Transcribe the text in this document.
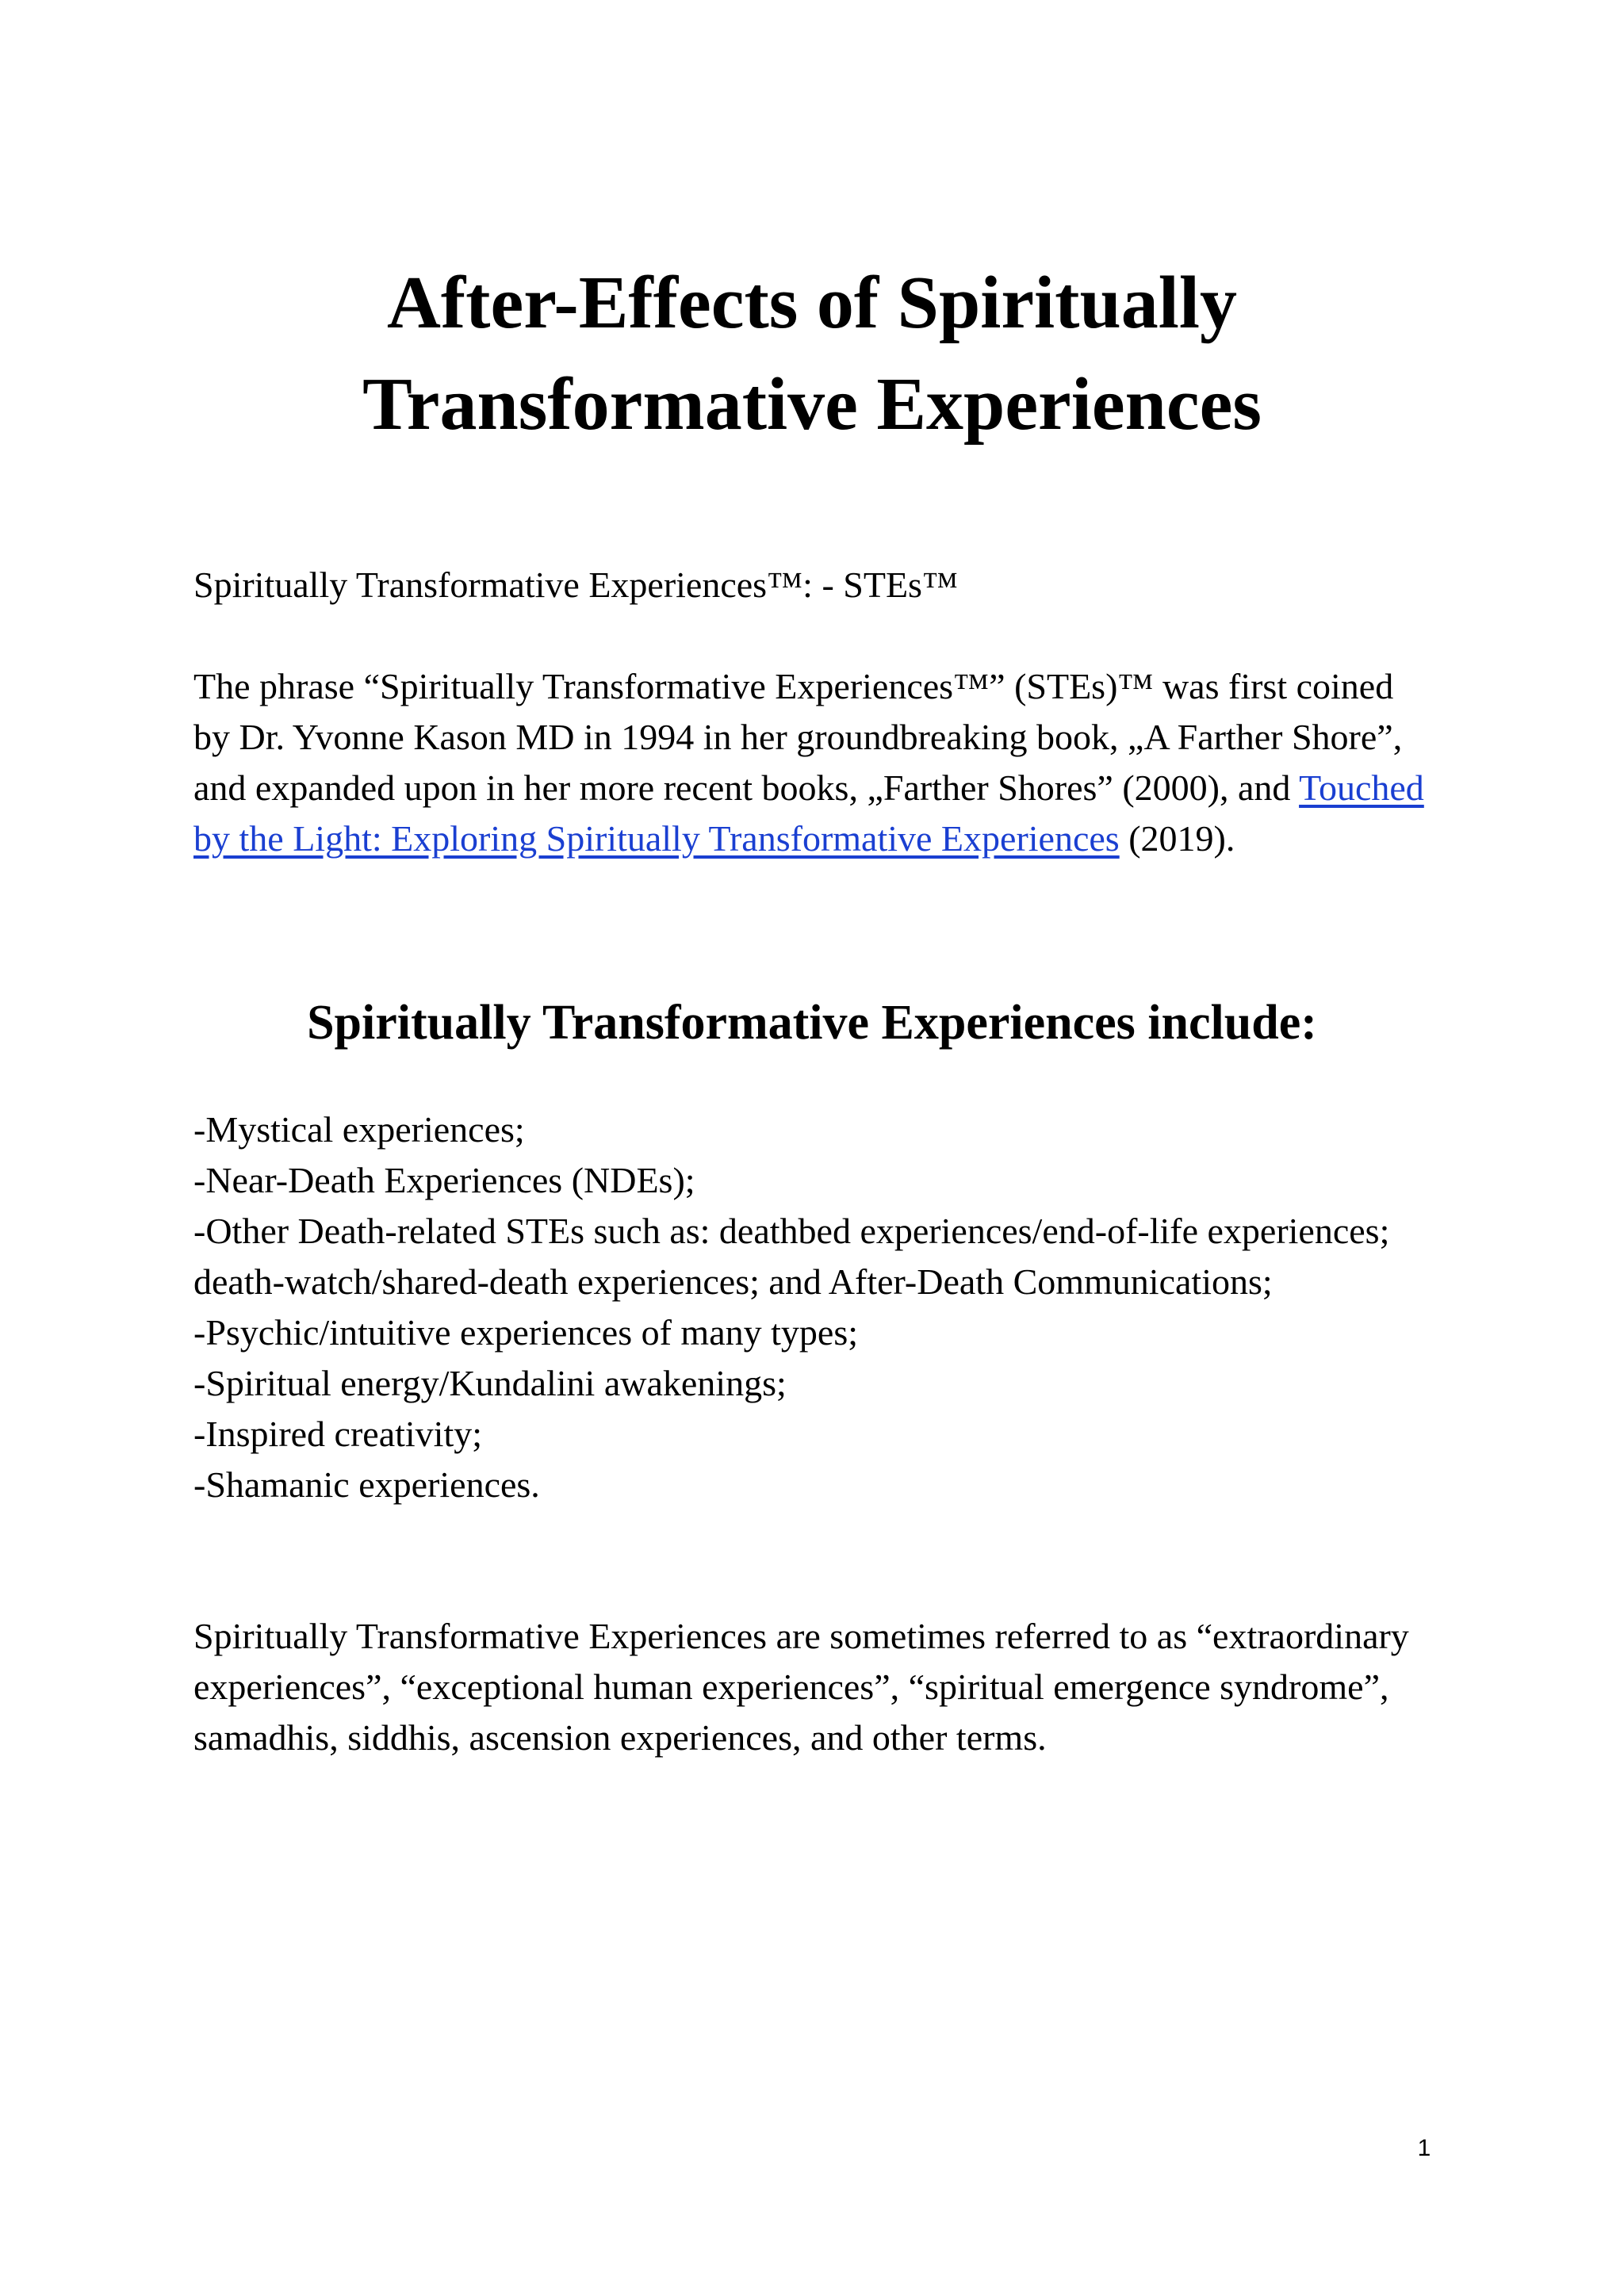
After-Effects of Spiritually
Transformative Experiences

Spiritually Transformative Experiences™: - STEs™

The phrase “Spiritually Transformative Experiences™” (STEs)™ was first coined by Dr. Yvonne Kason MD in 1994 in her groundbreaking book, „A Farther Shore”, and expanded upon in her more recent books, „Farther Shores” (2000), and Touched by the Light: Exploring Spiritually Transformative Experiences (2019).

Spiritually Transformative Experiences include:
-Mystical experiences;
-Near-Death Experiences (NDEs);
-Other Death-related STEs such as: deathbed experiences/end-of-life experiences; death-watch/shared-death experiences; and After-Death Communications;
-Psychic/intuitive experiences of many types;
-Spiritual energy/Kundalini awakenings;
-Inspired creativity;
-Shamanic experiences.

Spiritually Transformative Experiences are sometimes referred to as “extraordinary experiences”, “exceptional human experiences”, “spiritual emergence syndrome”, samadhis, siddhis, ascension experiences, and other terms.

1
